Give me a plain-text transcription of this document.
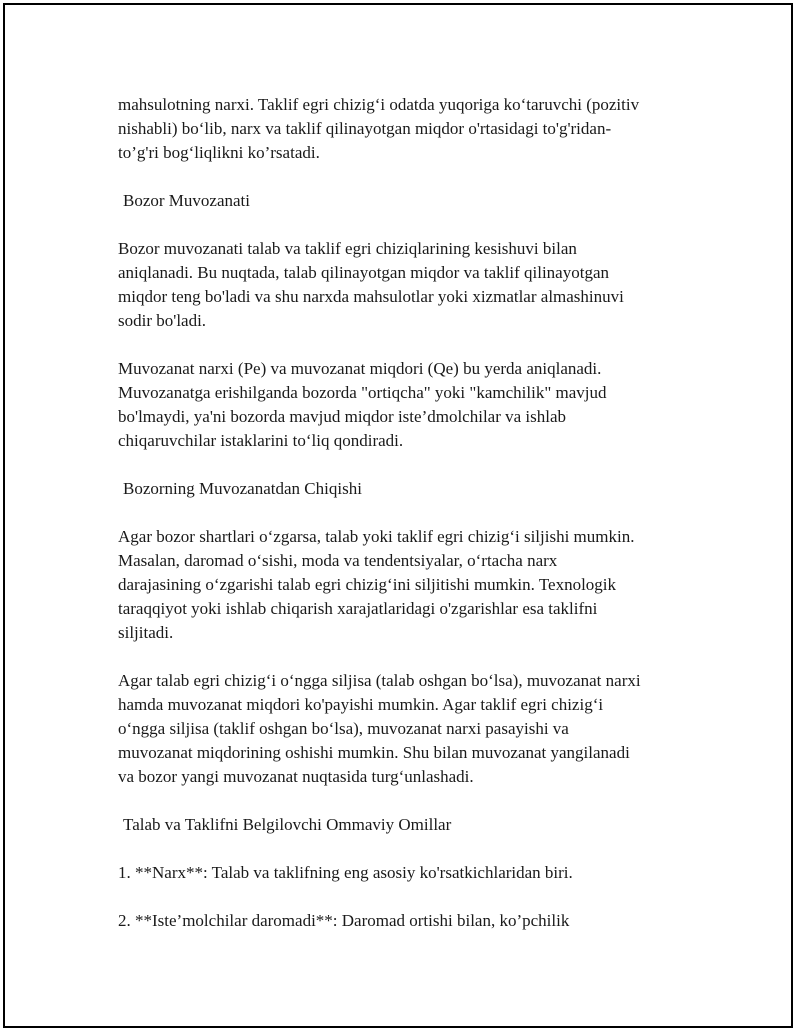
mahsulotning narxi. Taklif egri chizig‘i odatda yuqoriga ko‘taruvchi (pozitiv
nishabli) bo‘lib, narx va taklif qilinayotgan miqdor o'rtasidagi to'g'ridan-
to’g'ri bog‘liqlikni ko’rsatadi.

Bozor Muvozanati

Bozor muvozanati talab va taklif egri chiziqlarining kesishuvi bilan
aniqlanadi. Bu nuqtada, talab qilinayotgan miqdor va taklif qilinayotgan
miqdor teng bo'ladi va shu narxda mahsulotlar yoki xizmatlar almashinuvi
sodir bo'ladi.

Muvozanat narxi (Pe) va muvozanat miqdori (Qe) bu yerda aniqlanadi.
Muvozanatga erishilganda bozorda "ortiqcha" yoki "kamchilik" mavjud
bo'lmaydi, ya'ni bozorda mavjud miqdor iste’dmolchilar va ishlab
chiqaruvchilar istaklarini to‘liq qondiradi.

Bozorning Muvozanatdan Chiqishi

Agar bozor shartlari o‘zgarsa, talab yoki taklif egri chizig‘i siljishi mumkin.
Masalan, daromad o‘sishi, moda va tendentsiyalar, o‘rtacha narx
darajasining o‘zgarishi talab egri chizig‘ini siljitishi mumkin. Texnologik
taraqqiyot yoki ishlab chiqarish xarajatlaridagi o'zgarishlar esa taklifni
siljitadi.

Agar talab egri chizig‘i o‘ngga siljisa (talab oshgan bo‘lsa), muvozanat narxi
hamda muvozanat miqdori ko'payishi mumkin. Agar taklif egri chizig‘i
o‘ngga siljisa (taklif oshgan bo‘lsa), muvozanat narxi pasayishi va
muvozanat miqdorining oshishi mumkin. Shu bilan muvozanat yangilanadi
va bozor yangi muvozanat nuqtasida turg‘unlashadi.

Talab va Taklifni Belgilovchi Ommaviy Omillar

1. **Narx**: Talab va taklifning eng asosiy ko'rsatkichlaridan biri.

2. **Iste’molchilar daromadi**: Daromad ortishi bilan, ko’pchilik
